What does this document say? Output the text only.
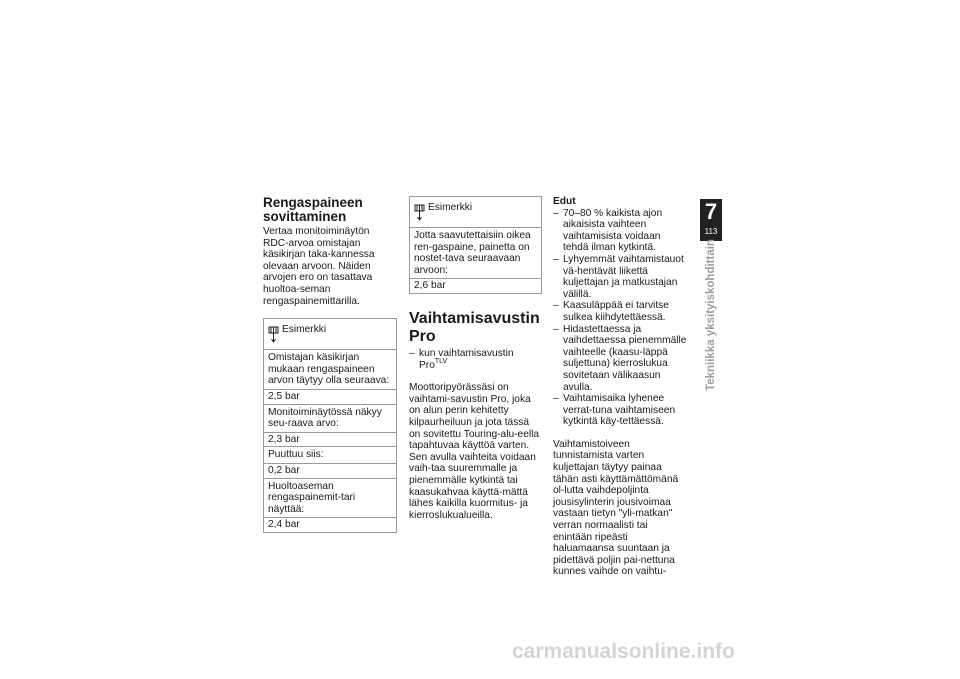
Rengaspaineen sovittaminen

Vertaa monitoiminäytön RDC-arvoa omistajan käsikirjan taka-kannessa olevaan arvoon. Näiden arvojen ero on tasattava huoltoa-seman rengaspainemittarilla.

Esimerkki
Omistajan käsikirjan mukaan rengaspaineen arvon täytyy olla seuraava:
2,5 bar
Monitoiminäytössä näkyy seu-raava arvo:
2,3 bar
Puuttuu siis:
0,2 bar
Huoltoaseman rengaspainemit-tari näyttää:
2,4 bar
Esimerkki
Jotta saavutettaisiin oikea ren-gaspaine, painetta on nostet-tava seuraavaan arvoon:
2,6 bar
Vaihtamisavustin Pro
– kun vaihtamisavustin Pro$^{TLV}$

Moottoripyörässäsi on vaihtami-savustin Pro, joka on alun perin kehitetty kilpaurheiluun ja jota tässä on sovitettu Touring-alu-eella tapahtuvaa käyttöä varten. Sen avulla vaihteita voidaan vaih-taa suuremmalle ja pienemmälle kytkintä tai kaasukahvaa käyttä-mättä lähes kaikilla kuormitus- ja kierroslukualueilla.

Edut
– 70–80 % kaikista ajon aikaisista vaihteen vaihtamisista voidaan tehdä ilman kytkintä.
– Lyhyemmät vaihtamistauot vä-hentävät liikettä kuljettajan ja matkustajan välillä.
– Kaasuläppää ei tarvitse sulkea kiihdytettäessä.
– Hidastettaessa ja vaihdettaessa pienemmälle vaihteelle (kaasu-läppä suljettuna) kierroslukua sovitetaan välikaasun avulla.
– Vaihtamisaika lyhenee verrat-tuna vaihtamiseen kytkintä käy-tettäessä.

Vaihtamistoiveen tunnistamista varten kuljettajan täytyy painaa tähän asti käyttämättömänä ol-lutta vaihdepoljinta jousisylinterin jousivoimaa vastaan tietyn "yli-matkan" verran normaalisti tai enintään ripeästi haluamaansa suuntaan ja pidettävä poljin pai-nettuna kunnes vaihde on vaihtu-

7
113
Tekniikka yksityiskohdittain
carmanualsonline.info
